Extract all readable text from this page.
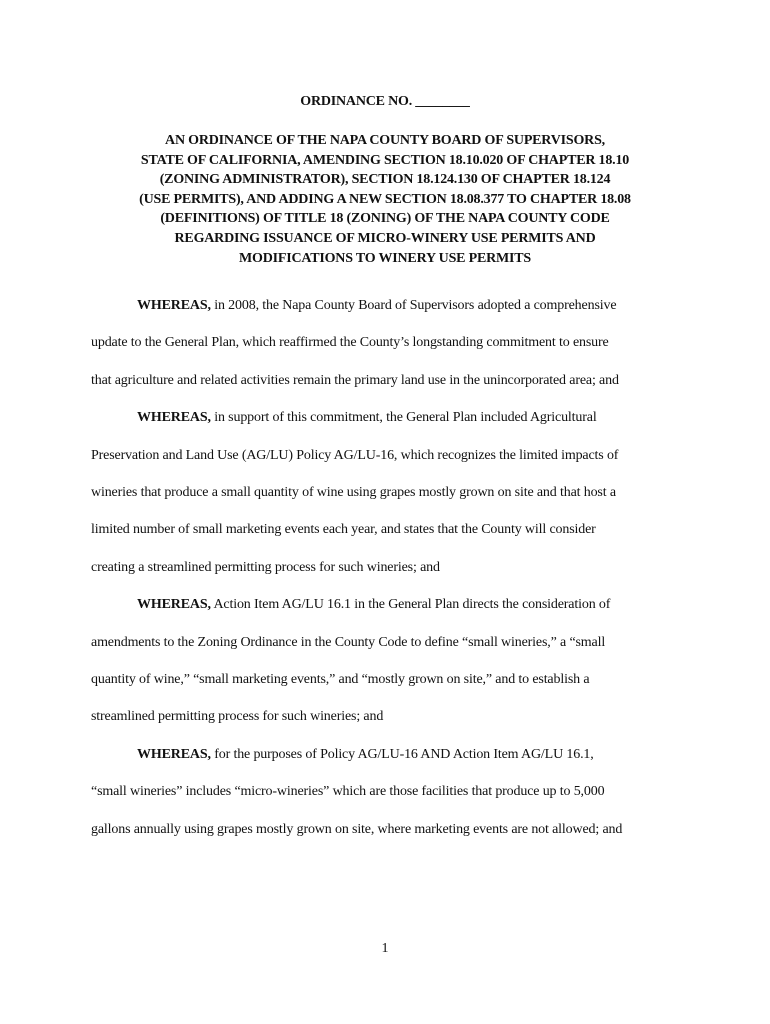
ORDINANCE NO. ________
AN ORDINANCE OF THE NAPA COUNTY BOARD OF SUPERVISORS,
STATE OF CALIFORNIA, AMENDING SECTION 18.10.020 OF CHAPTER 18.10
(ZONING ADMINISTRATOR), SECTION 18.124.130 OF CHAPTER 18.124
(USE PERMITS), AND ADDING A NEW SECTION 18.08.377 TO CHAPTER 18.08
(DEFINITIONS) OF TITLE 18 (ZONING) OF THE NAPA COUNTY CODE
REGARDING ISSUANCE OF MICRO-WINERY USE PERMITS AND
MODIFICATIONS TO WINERY USE PERMITS
WHEREAS, in 2008, the Napa County Board of Supervisors adopted a comprehensive
update to the General Plan, which reaffirmed the County’s longstanding commitment to ensure
that agriculture and related activities remain the primary land use in the unincorporated area; and
WHEREAS, in support of this commitment, the General Plan included Agricultural
Preservation and Land Use (AG/LU) Policy AG/LU-16, which recognizes the limited impacts of
wineries that produce a small quantity of wine using grapes mostly grown on site and that host a
limited number of small marketing events each year, and states that the County will consider
creating a streamlined permitting process for such wineries; and
WHEREAS, Action Item AG/LU 16.1 in the General Plan directs the consideration of
amendments to the Zoning Ordinance in the County Code to define “small wineries,” a “small
quantity of wine,” “small marketing events,” and “mostly grown on site,” and to establish a
streamlined permitting process for such wineries; and
WHEREAS, for the purposes of Policy AG/LU-16 AND Action Item AG/LU 16.1,
“small wineries” includes “micro-wineries” which are those facilities that produce up to 5,000
gallons annually using grapes mostly grown on site, where marketing events are not allowed; and
1
